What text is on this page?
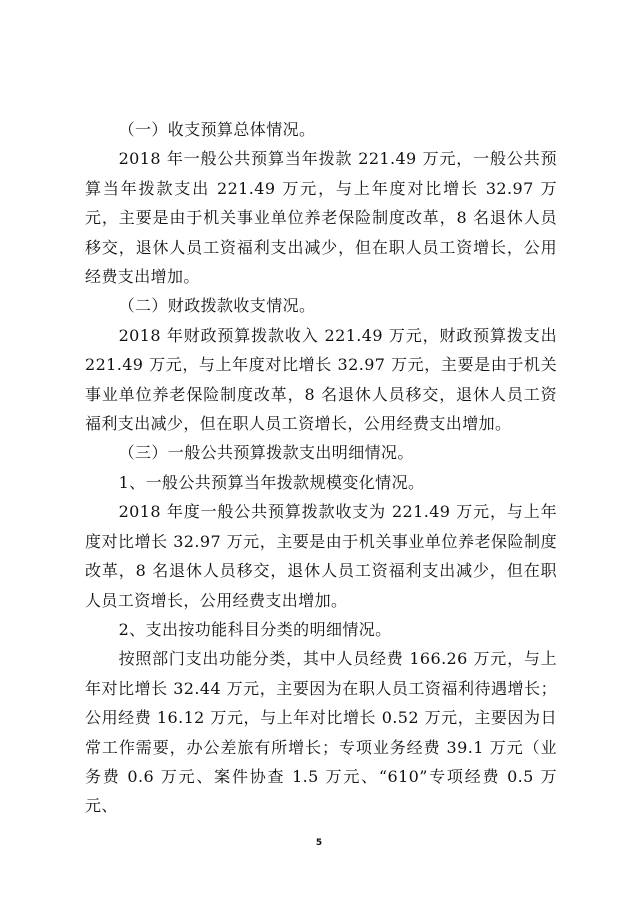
（一）收支预算总体情况。

2018 年一般公共预算当年拨款 221.49 万元，一般公共预算当年拨款支出 221.49 万元，与上年度对比增长 32.97 万元，主要是由于机关事业单位养老保险制度改革，8 名退休人员移交，退休人员工资福利支出减少，但在职人员工资增长，公用经费支出增加。

（二）财政拨款收支情况。

2018 年财政预算拨款收入 221.49 万元，财政预算拨支出 221.49 万元，与上年度对比增长 32.97 万元，主要是由于机关事业单位养老保险制度改革，8 名退休人员移交，退休人员工资福利支出减少，但在职人员工资增长，公用经费支出增加。

（三）一般公共预算拨款支出明细情况。

1、一般公共预算当年拨款规模变化情况。

2018 年度一般公共预算拨款收支为 221.49 万元，与上年度对比增长 32.97 万元，主要是由于机关事业单位养老保险制度改革，8 名退休人员移交，退休人员工资福利支出减少，但在职人员工资增长，公用经费支出增加。

2、支出按功能科目分类的明细情况。

按照部门支出功能分类，其中人员经费 166.26 万元，与上年对比增长 32.44 万元，主要因为在职人员工资福利待遇增长；公用经费 16.12 万元，与上年对比增长 0.52 万元，主要因为日常工作需要，办公差旅有所增长；专项业务经费 39.1 万元（业务费 0.6 万元、案件协查 1.5 万元、“610”专项经费 0.5 万元、

5
